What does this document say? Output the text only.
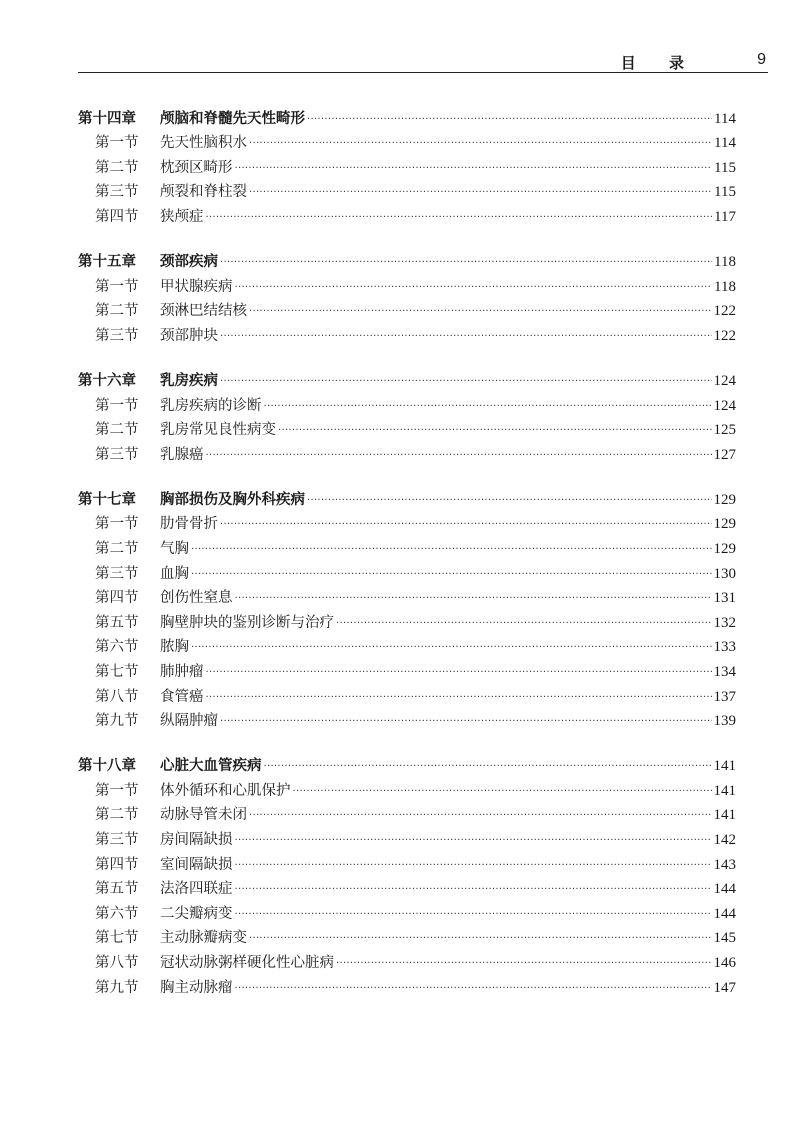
目 录	9
第十四章	颅脑和脊髓先天性畸形 ·····	114
第一节	先天性脑积水 ·····	114
第二节	枕颈区畸形 ·····	115
第三节	颅裂和脊柱裂 ·····	115
第四节	狭颅症 ·····	117
第十五章	颈部疾病 ·····	118
第一节	甲状腺疾病 ·····	118
第二节	颈淋巴结结核 ·····	122
第三节	颈部肿块 ·····	122
第十六章	乳房疾病 ·····	124
第一节	乳房疾病的诊断 ·····	124
第二节	乳房常见良性病变 ·····	125
第三节	乳腺癌 ·····	127
第十七章	胸部损伤及胸外科疾病 ·····	129
第一节	肋骨骨折 ·····	129
第二节	气胸 ·····	129
第三节	血胸 ·····	130
第四节	创伤性窒息 ·····	131
第五节	胸壁肿块的鉴别诊断与治疗 ·····	132
第六节	脓胸 ·····	133
第七节	肺肿瘤 ·····	134
第八节	食管癌 ·····	137
第九节	纵隔肿瘤 ·····	139
第十八章	心脏大血管疾病 ·····	141
第一节	体外循环和心肌保护 ·····	141
第二节	动脉导管未闭 ·····	141
第三节	房间隔缺损 ·····	142
第四节	室间隔缺损 ·····	143
第五节	法洛四联症 ·····	144
第六节	二尖瓣病变 ·····	144
第七节	主动脉瓣病变 ·····	145
第八节	冠状动脉粥样硬化性心脏病 ·····	146
第九节	胸主动脉瘤 ·····	147
